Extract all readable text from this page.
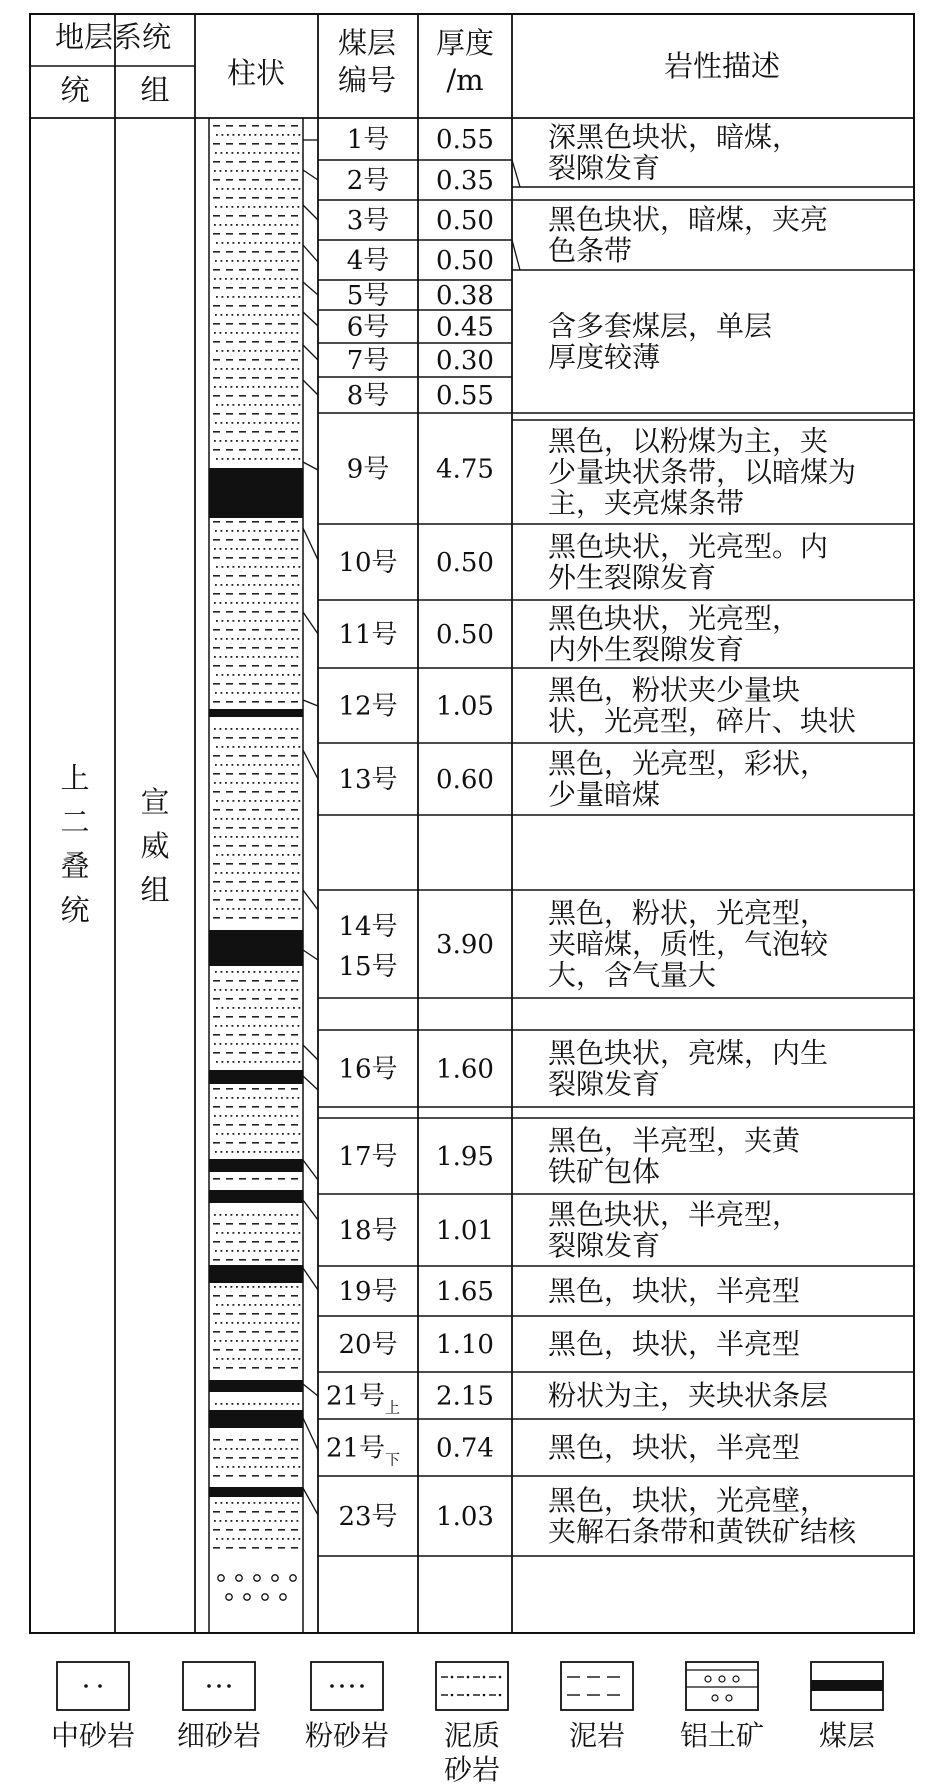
地层系统
统 组 柱状
煤层
编号
厚度
/m	岩性描述
上
二
叠
统
宣
威
组
1号
2号
3号
4号
5号
6号
7号
8号
9号
10号
11号
12号
13号
14号
15号
16号
17号
18号
19号
20号
21号$_上$
21号$_下$
23号
0.55
0.35
0.50
0.50
0.38
0.45
0.30
0.55
4.75
0.50
0.50
1.05
0.60
3.90
1.60
1.95
1.01
1.65
1.10
2.15
0.74
1.03
深黑色块状，暗煤，
裂隙发育
黑色块状，暗煤，夹亮
色条带
含多套煤层，单层
厚度较薄
黑色，以粉煤为主，夹
少量块状条带，以暗煤为
主，夹亮煤条带
黑色块状，光亮型。内
外生裂隙发育
黑色块状，光亮型，
内外生裂隙发育
黑色，粉状夹少量块
状，光亮型，碎片、块状
黑色，光亮型，彩状，
少量暗煤
黑色，粉状，光亮型，
夹暗煤，质性，气泡较
大，含气量大
黑色块状，亮煤，内生
裂隙发育
黑色，半亮型，夹黄
铁矿包体
黑色块状，半亮型，
裂隙发育
黑色，块状，半亮型
黑色，块状，半亮型
粉状为主，夹块状条层
黑色，块状，半亮型
黑色，块状，光亮壁，
夹解石条带和黄铁矿结核
中砂岩 细砂岩 粉砂岩 泥质
砂岩
泥岩 铝土矿 煤层
